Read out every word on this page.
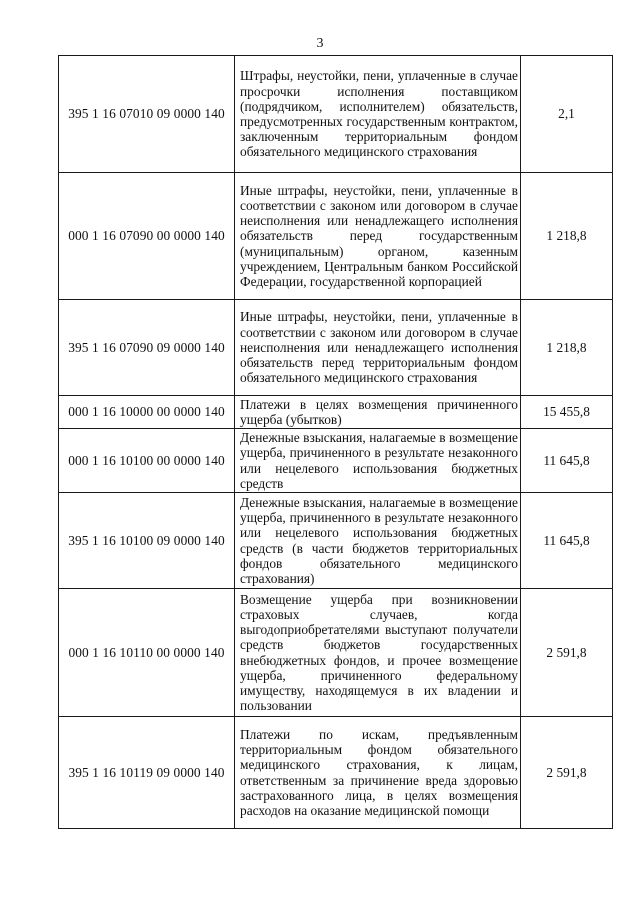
3
395 1 16 07010 09 0000 140	Штрафы, неустойки, пени, уплаченные в случае просрочки исполнения поставщиком (подрядчиком, исполнителем) обязательств, предусмотренных государственным контрактом, заключенным территориальным фондом обязательного медицинского страхования	2,1
000 1 16 07090 00 0000 140	Иные штрафы, неустойки, пени, уплаченные в соответствии с законом или договором в случае неисполнения или ненадлежащего исполнения обязательств перед государственным (муниципальным) органом, казенным учреждением, Центральным банком Российской Федерации, государственной корпорацией	1 218,8
395 1 16 07090 09 0000 140	Иные штрафы, неустойки, пени, уплаченные в соответствии с законом или договором в случае неисполнения или ненадлежащего исполнения обязательств перед территориальным фондом обязательного медицинского страхования	1 218,8
000 1 16 10000 00 0000 140	Платежи в целях возмещения причиненного ущерба (убытков)	15 455,8
000 1 16 10100 00 0000 140	Денежные взыскания, налагаемые в возмещение ущерба, причиненного в результате незаконного или нецелевого использования бюджетных средств	11 645,8
395 1 16 10100 09 0000 140	Денежные взыскания, налагаемые в возмещение ущерба, причиненного в результате незаконного или нецелевого использования бюджетных средств (в части бюджетов территориальных фондов обязательного медицинского страхования)	11 645,8
000 1 16 10110 00 0000 140	Возмещение ущерба при возникновении страховых случаев, когда выгодоприобретателями выступают получатели средств бюджетов государственных внебюджетных фондов, и прочее возмещение ущерба, причиненного федеральному имуществу, находящемуся в их владении и пользовании	2 591,8
395 1 16 10119 09 0000 140	Платежи по искам, предъявленным территориальным фондом обязательного медицинского страхования, к лицам, ответственным за причинение вреда здоровью застрахованного лица, в целях возмещения расходов на оказание медицинской помощи	2 591,8
